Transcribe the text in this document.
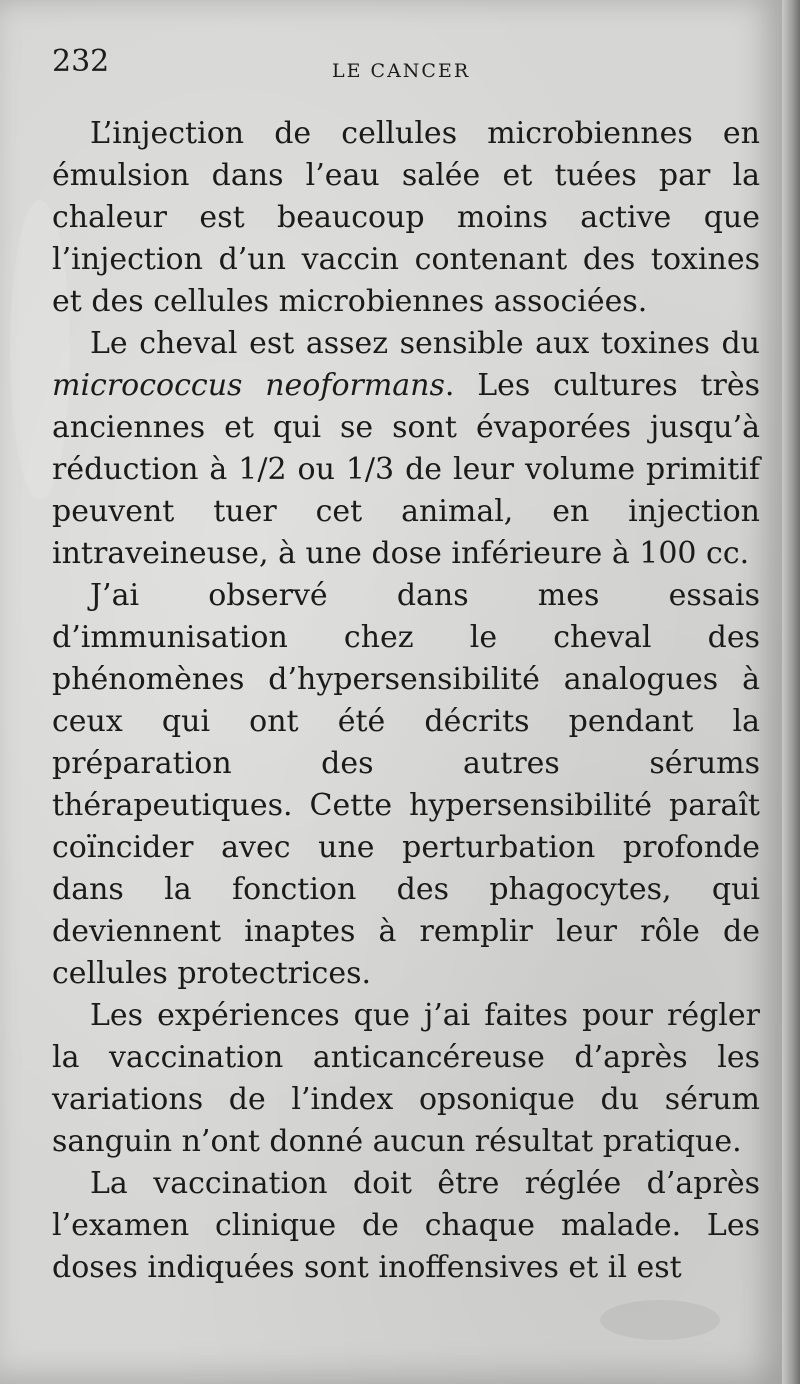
232	LE CANCER

L’injection de cellules microbiennes en émulsion dans l’eau salée et tuées par la chaleur est beaucoup moins active que l’injection d’un vaccin contenant des toxines et des cellules microbiennes associées.

Le cheval est assez sensible aux toxines du micrococcus neoformans. Les cultures très anciennes et qui se sont évaporées jusqu’à réduction à 1/2 ou 1/3 de leur volume primitif peuvent tuer cet animal, en injection intraveineuse, à une dose inférieure à 100 cc.

J’ai observé dans mes essais d’immunisation chez le cheval des phénomènes d’hypersensibilité analogues à ceux qui ont été décrits pendant la préparation des autres sérums thérapeutiques. Cette hypersensibilité paraît coïncider avec une perturbation profonde dans la fonction des phagocytes, qui deviennent inaptes à remplir leur rôle de cellules protectrices.

Les expériences que j’ai faites pour régler la vaccination anticancéreuse d’après les variations de l’index opsonique du sérum sanguin n’ont donné aucun résultat pratique.

La vaccination doit être réglée d’après l’examen clinique de chaque malade. Les doses indiquées sont inoffensives et il est
